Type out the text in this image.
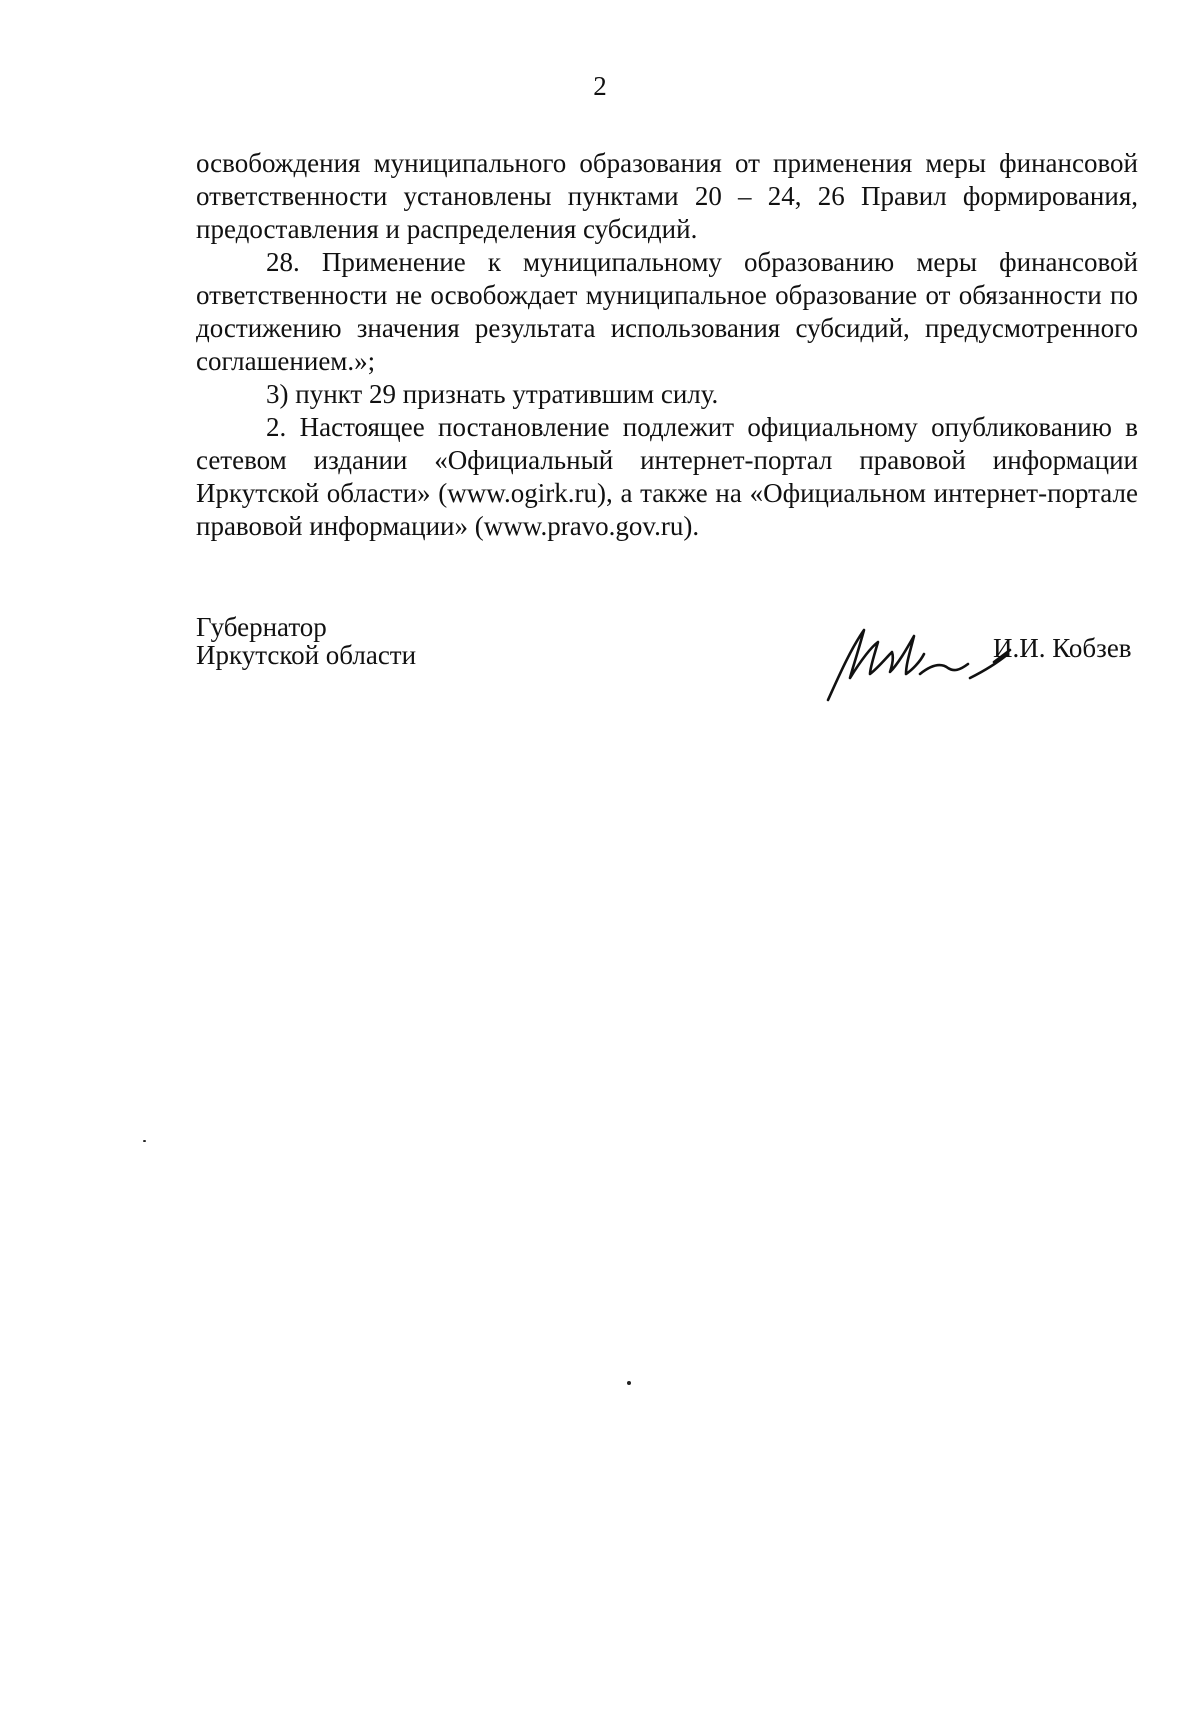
2

освобождения муниципального образования от применения меры финансовой ответственности установлены пунктами 20 – 24, 26 Правил формирования, предоставления и распределения субсидий.

28. Применение к муниципальному образованию меры финансовой ответственности не освобождает муниципальное образование от обязанности по достижению значения результата использования субсидий, предусмотренного соглашением.»;

3) пункт 29 признать утратившим силу.

2. Настоящее постановление подлежит официальному опубликованию в сетевом издании «Официальный интернет-портал правовой информации Иркутской области» (www.ogirk.ru), а также на «Официальном интернет-портале правовой информации» (www.pravo.gov.ru).

Губернатор
Иркутской области	И.И. Кобзев
